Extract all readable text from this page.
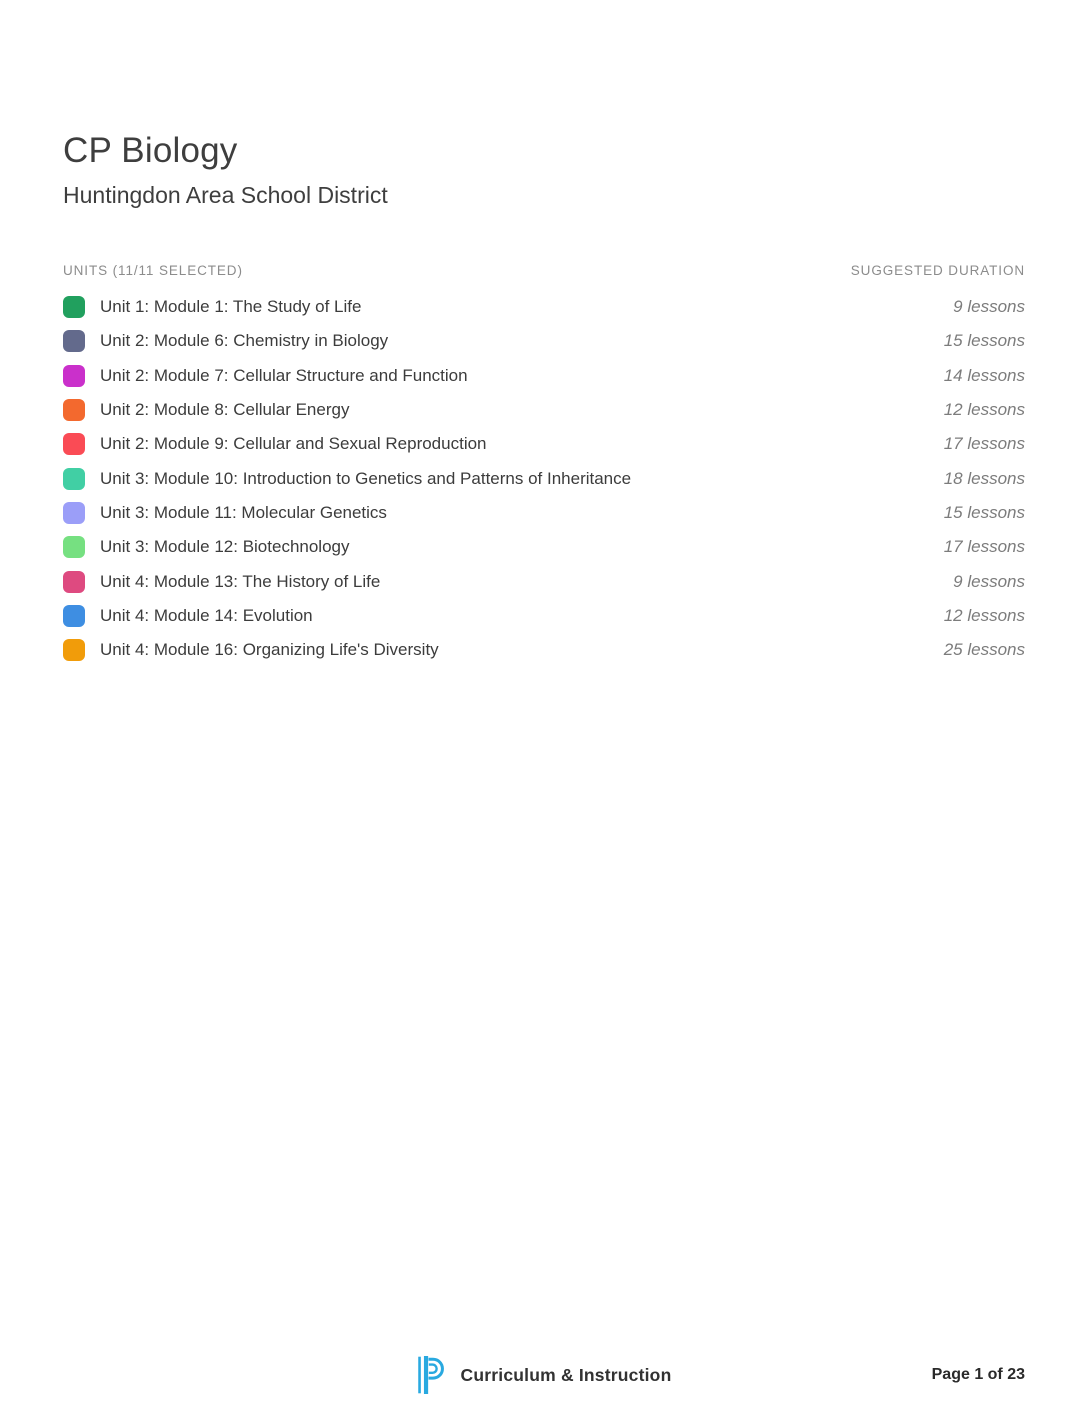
CP Biology
Huntingdon Area School District
UNITS (11/11 SELECTED)	SUGGESTED DURATION
Unit 1: Module 1: The Study of Life	9 lessons
Unit 2: Module 6: Chemistry in Biology	15 lessons
Unit 2: Module 7: Cellular Structure and Function	14 lessons
Unit 2: Module 8: Cellular Energy	12 lessons
Unit 2: Module 9: Cellular and Sexual Reproduction	17 lessons
Unit 3: Module 10: Introduction to Genetics and Patterns of Inheritance	18 lessons
Unit 3: Module 11: Molecular Genetics	15 lessons
Unit 3: Module 12: Biotechnology	17 lessons
Unit 4: Module 13: The History of Life	9 lessons
Unit 4: Module 14: Evolution	12 lessons
Unit 4: Module 16: Organizing Life's Diversity	25 lessons
Curriculum & Instruction	Page 1 of 23
